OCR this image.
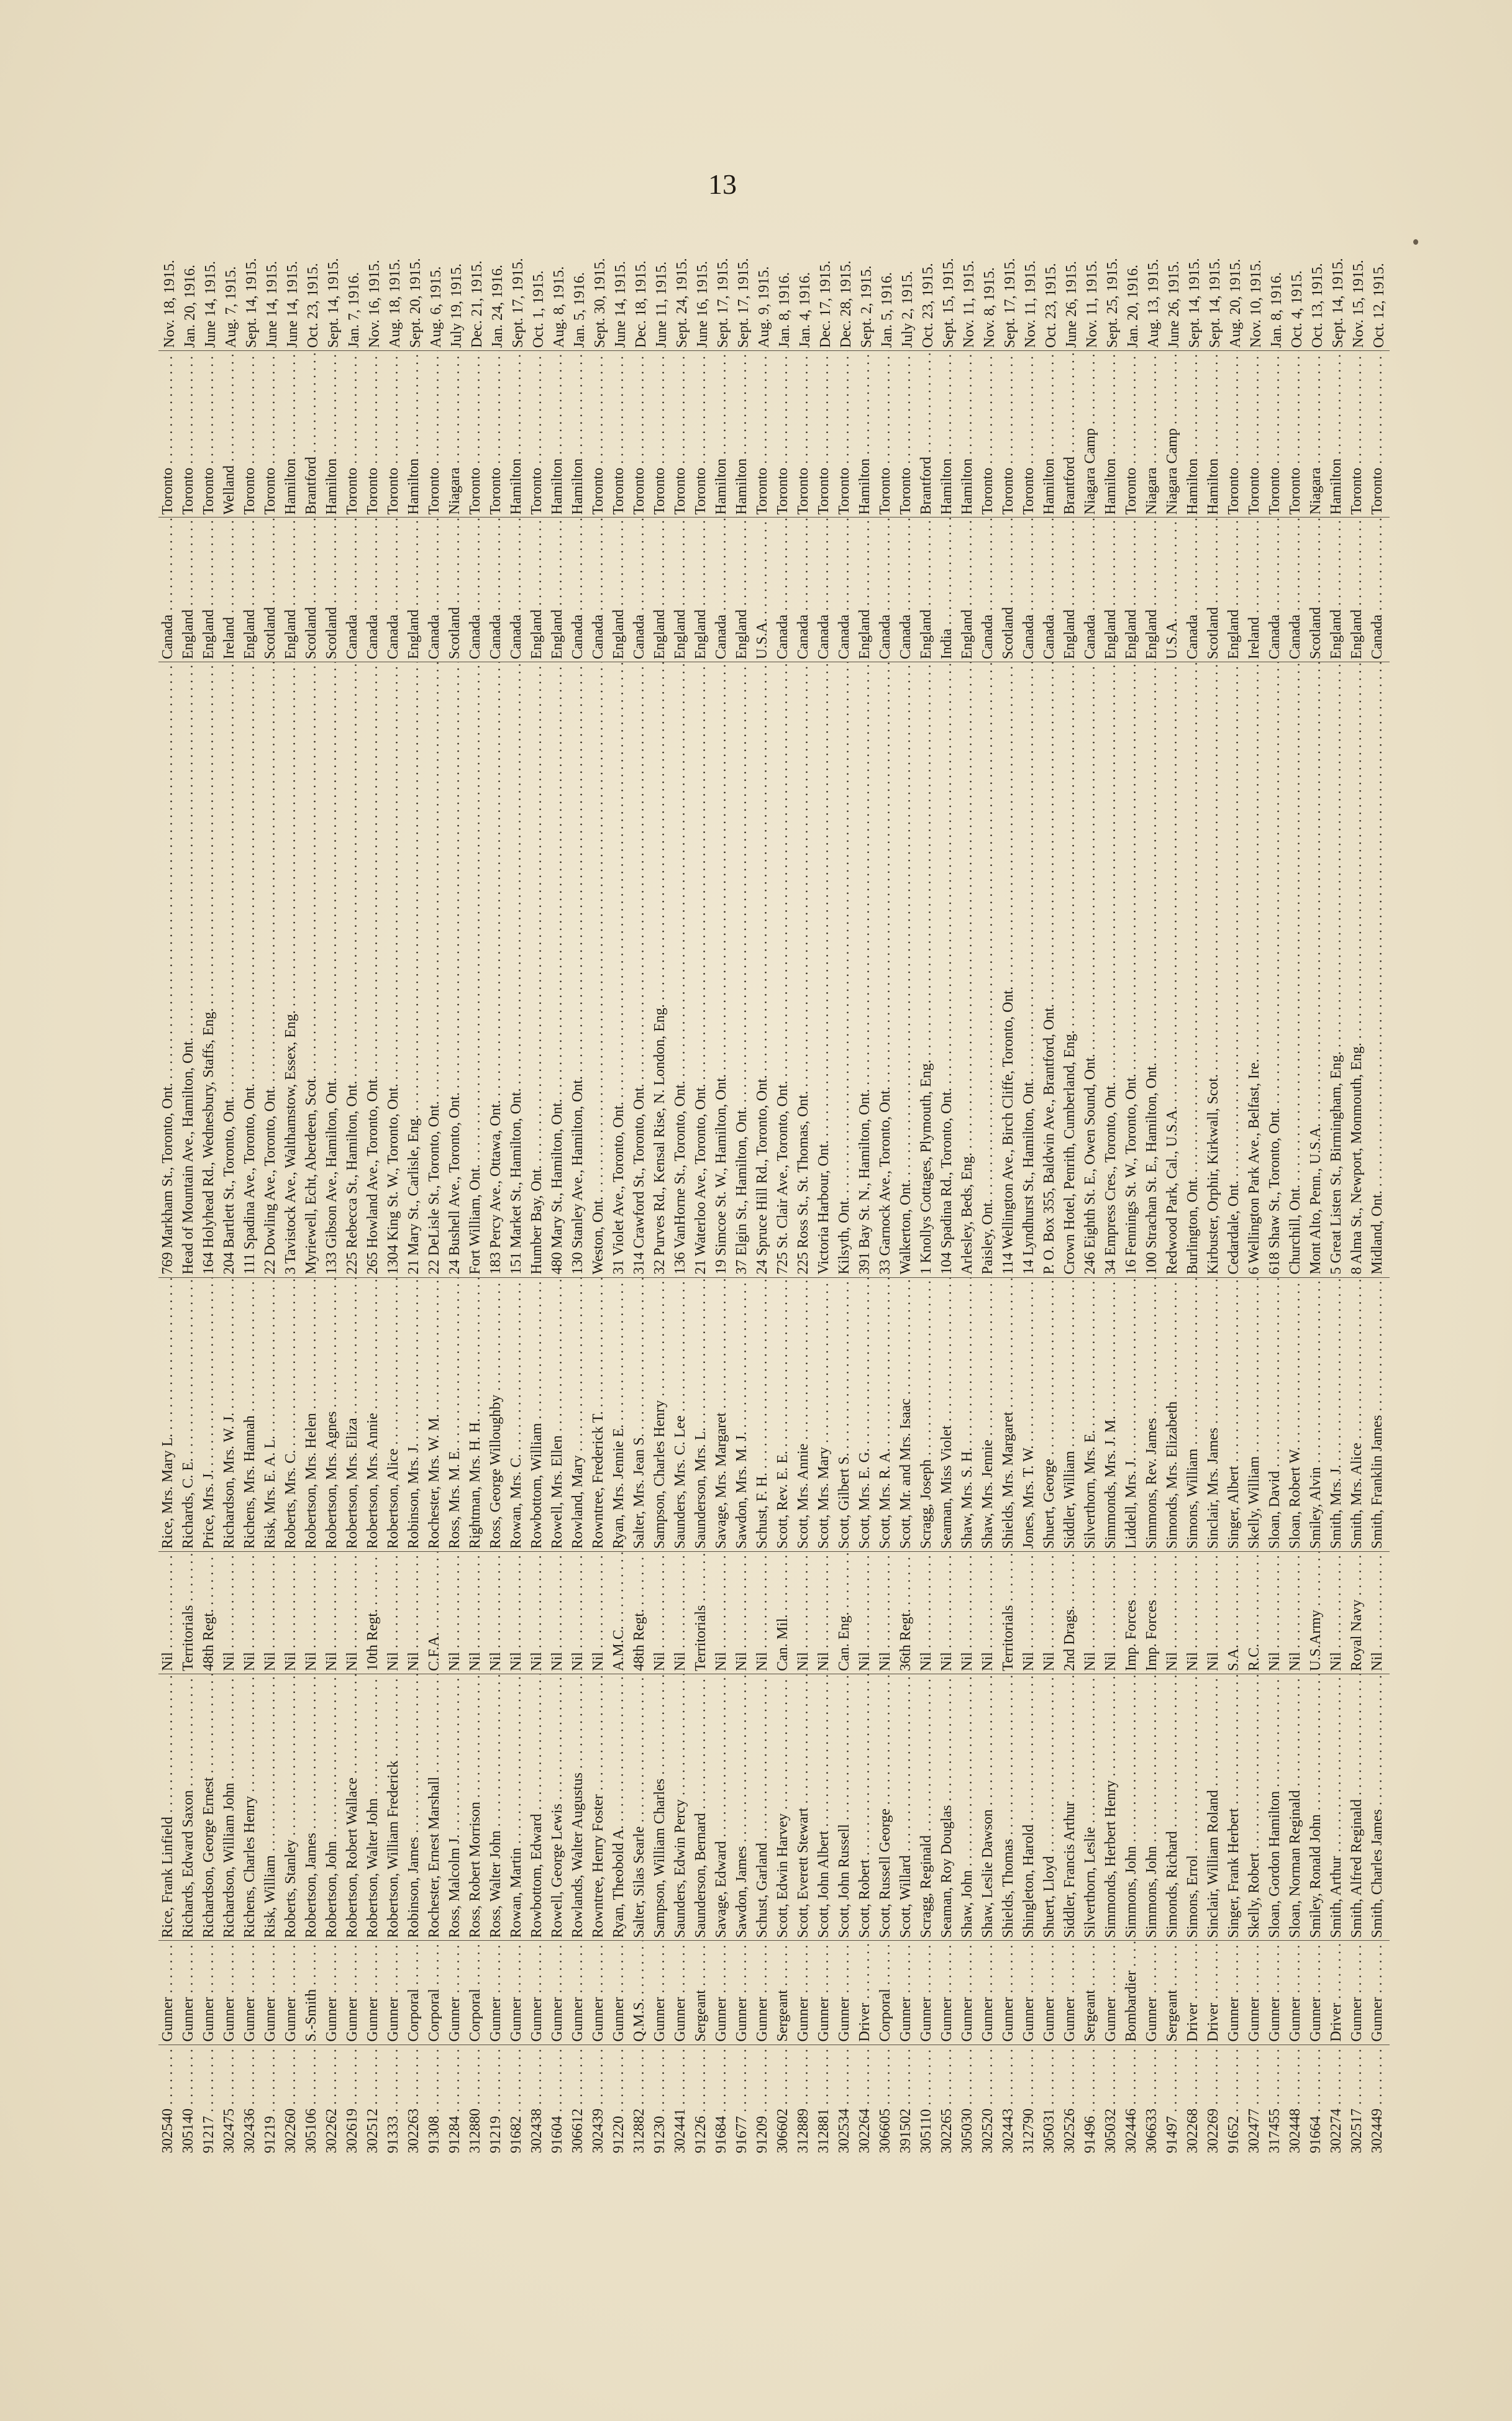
13
302540 . . .	Gunner . . .	Rice, Frank Linfield . . .	Nil . . .	Rice, Mrs. Mary L. . . .	769 Markham St., Toronto, Ont. . . .	Canada . . .	Toronto . . .	Nov. 18, 1915.
305140 . . .	Gunner . . .	Richards, Edward Saxon . . .	Territorials . . .	Richards, C. E. . . .	Head of Mountain Ave., Hamilton, Ont. . . .	England . . .	Toronto . . .	Jan. 20, 1916.
91217 . . .	Gunner . . .	Richardson, George Ernest . . .	48th Regt. . . .	Price, Mrs. J. . . .	164 Holyhead Rd., Wednesbury, Staffs, Eng. . . .	England . . .	Toronto . . .	June 14, 1915.
302475 . . .	Gunner . . .	Richardson, William John . . .	Nil . . .	Richardson, Mrs. W. J. . . .	204 Bartlett St., Toronto, Ont. . . .	Ireland . . .	Welland . . .	Aug. 7, 1915.
302436 . . .	Gunner . . .	Richens, Charles Henry . . .	Nil . . .	Richens, Mrs. Hannah . . .	111 Spadina Ave., Toronto, Ont. . . .	England . . .	Toronto . . .	Sept. 14, 1915.
91219 . . .	Gunner . . .	Risk, William . . .	Nil . . .	Risk, Mrs. E. A. L. . . .	22 Dowling Ave., Toronto, Ont. . . .	Scotland . . .	Toronto . . .	June 14, 1915.
302260 . . .	Gunner . . .	Roberts, Stanley . . .	Nil . . .	Roberts, Mrs. C. . . .	3 Tavistock Ave., Walthamstow, Essex, Eng. . . .	England . . .	Hamilton . . .	June 14, 1915.
305106 . . .	S.-Smith . . .	Robertson, James . . .	Nil . . .	Robertson, Mrs. Helen . . .	Myriewell, Echt, Aberdeen, Scot. . . .	Scotland . . .	Brantford . . .	Oct. 23, 1915.
302262 . . .	Gunner . . .	Robertson, John . . .	Nil . . .	Robertson, Mrs. Agnes . . .	133 Gibson Ave., Hamilton, Ont. . . .	Scotland . . .	Hamilton . . .	Sept. 14, 1915.
302619 . . .	Gunner . . .	Robertson, Robert Wallace . . .	Nil . . .	Robertson, Mrs. Eliza . . .	225 Rebecca St., Hamilton, Ont. . . .	Canada . . .	Toronto . . .	Jan. 7, 1916.
302512 . . .	Gunner . . .	Robertson, Walter John . . .	10th Regt. . . .	Robertson, Mrs. Annie . . .	265 Howland Ave., Toronto, Ont. . . .	Canada . . .	Toronto . . .	Nov. 16, 1915.
91333 . . .	Gunner . . .	Robertson, William Frederick . . .	Nil . . .	Robertson, Alice . . .	1304 King St. W., Toronto, Ont. . . .	Canada . . .	Toronto . . .	Aug. 18, 1915.
302263 . . .	Corporal . . .	Robinson, James . . .	Nil . . .	Robinson, Mrs. J. . . .	21 Mary St., Carlisle, Eng. . . .	England . . .	Hamilton . . .	Sept. 20, 1915.
91308 . . .	Corporal . . .	Rochester, Ernest Marshall . . .	C.F.A. . . .	Rochester, Mrs. W. M. . . .	22 DeLisle St., Toronto, Ont. . . .	Canada . . .	Toronto . . .	Aug. 6, 1915.
91284 . . .	Gunner . . .	Ross, Malcolm J. . . .	Nil . . .	Ross, Mrs. M. E. . . .	24 Bushell Ave., Toronto, Ont. . . .	Scotland . . .	Niagara . . .	July 19, 1915.
312880 . . .	Corporal . . .	Ross, Robert Morrison . . .	Nil . . .	Rightman, Mrs. H. H. . . .	Fort William, Ont. . . .	Canada . . .	Toronto . . .	Dec. 21, 1915.
91219 . . .	Gunner . . .	Ross, Walter John . . .	Nil . . .	Ross, George Willoughby . . .	183 Percy Ave., Ottawa, Ont. . . .	Canada . . .	Toronto . . .	Jan. 24, 1916.
91682 . . .	Gunner . . .	Rowan, Martin . . .	Nil . . .	Rowan, Mrs. C. . . .	151 Market St., Hamilton, Ont. . . .	Canada . . .	Hamilton . . .	Sept. 17, 1915.
302438 . . .	Gunner . . .	Rowbottom, Edward . . .	Nil . . .	Rowbottom, William . . .	Humber Bay, Ont. . . .	England . . .	Toronto . . .	Oct. 1, 1915.
91604 . . .	Gunner . . .	Rowell, George Lewis . . .	Nil . . .	Rowell, Mrs. Ellen . . .	480 Mary St., Hamilton, Ont. . . .	England . . .	Hamilton . . .	Aug. 8, 1915.
306612 . . .	Gunner . . .	Rowlands, Walter Augustus . . .	Nil . . .	Rowland, Mary . . .	130 Stanley Ave., Hamilton, Ont. . . .	Canada . . .	Hamilton . . .	Jan. 5, 1916.
302439 . . .	Gunner . . .	Rowntree, Henry Foster . . .	Nil . . .	Rowntree, Frederick T. . . .	Weston, Ont. . . .	Canada . . .	Toronto . . .	Sept. 30, 1915.
91220 . . .	Gunner . . .	Ryan, Theobold A. . . .	A.M.C. . . .	Ryan, Mrs. Jennie E. . . .	31 Violet Ave., Toronto, Ont. . . .	England . . .	Toronto . . .	June 14, 1915.
312882 . . .	Q.M.S. . . .	Salter, Silas Searle . . .	48th Regt. . . .	Salter, Mrs. Jean S. . . .	314 Crawford St., Toronto, Ont. . . .	Canada . . .	Toronto . . .	Dec. 18, 1915.
91230 . . .	Gunner . . .	Sampson, William Charles . . .	Nil . . .	Sampson, Charles Henry . . .	32 Purves Rd., Kensal Rise, N. London, Eng. . . .	England . . .	Toronto . . .	June 11, 1915.
302441 . . .	Gunner . . .	Saunders, Edwin Percy . . .	Nil . . .	Saunders, Mrs. C. Lee . . .	136 VanHorne St., Toronto, Ont. . . .	England . . .	Toronto . . .	Sept. 24, 1915.
91226 . . .	Sergeant . . .	Saunderson, Bernard . . .	Territorials . . .	Saunderson, Mrs. L. . . .	21 Waterloo Ave., Toronto, Ont. . . .	England . . .	Toronto . . .	June 16, 1915.
91684 . . .	Gunner . . .	Savage, Edward . . .	Nil . . .	Savage, Mrs. Margaret . . .	19 Simcoe St. W., Hamilton, Ont. . . .	Canada . . .	Hamilton . . .	Sept. 17, 1915.
91677 . . .	Gunner . . .	Sawdon, James . . .	Nil . . .	Sawdon, Mrs. M. J. . . .	37 Elgin St., Hamilton, Ont. . . .	England . . .	Hamilton . . .	Sept. 17, 1915.
91209 . . .	Gunner . . .	Schust, Garland . . .	Nil . . .	Schust, F. H. . . .	24 Spruce Hill Rd., Toronto, Ont. . . .	U.S.A. . . .	Toronto . . .	Aug. 9, 1915.
306602 . . .	Sergeant . . .	Scott, Edwin Harvey . . .	Can. Mil. . . .	Scott, Rev. E. E. . . .	725 St. Clair Ave., Toronto, Ont. . . .	Canada . . .	Toronto . . .	Jan. 8, 1916.
312889 . . .	Gunner . . .	Scott, Everett Stewart . . .	Nil . . .	Scott, Mrs. Annie . . .	225 Ross St., St. Thomas, Ont. . . .	Canada . . .	Toronto . . .	Jan. 4, 1916.
312881 . . .	Gunner . . .	Scott, John Albert . . .	Nil . . .	Scott, Mrs. Mary . . .	Victoria Harbour, Ont. . . .	Canada . . .	Toronto . . .	Dec. 17, 1915.
302534 . . .	Gunner . . .	Scott, John Russell . . .	Can. Eng. . . .	Scott, Gilbert S. . . .	Kilsyth, Ont. . . .	Canada . . .	Toronto . . .	Dec. 28, 1915.
302264 . . .	Driver . . .	Scott, Robert . . .	Nil . . .	Scott, Mrs. E. G. . . .	391 Bay St. N., Hamilton, Ont. . . .	England . . .	Hamilton . . .	Sept. 2, 1915.
306605 . . .	Corporal . . .	Scott, Russell George . . .	Nil . . .	Scott, Mrs. R. A. . . .	33 Garnock Ave., Toronto, Ont. . . .	Canada . . .	Toronto . . .	Jan. 5, 1916.
391502 . . .	Gunner . . .	Scott, Willard . . .	36th Regt. . . .	Scott, Mr. and Mrs. Isaac . . .	Walkerton, Ont. . . .	Canada . . .	Toronto . . .	July 2, 1915.
305110 . . .	Gunner . . .	Scragg, Reginald . . .	Nil . . .	Scragg, Joseph . . .	1 Knollys Cottages, Plymouth, Eng. . . .	England . . .	Brantford . . .	Oct. 23, 1915.
302265 . . .	Gunner . . .	Seaman, Roy Douglas . . .	Nil . . .	Seaman, Miss Violet . . .	104 Spadina Rd., Toronto, Ont. . . .	India . . .	Hamilton . . .	Sept. 15, 1915.
305030 . . .	Gunner . . .	Shaw, John . . .	Nil . . .	Shaw, Mrs. S. H. . . .	Arlesley, Beds, Eng. . . .	England . . .	Hamilton . . .	Nov. 11, 1915.
302520 . . .	Gunner . . .	Shaw, Leslie Dawson . . .	Nil . . .	Shaw, Mrs. Jennie . . .	Paisley, Ont. . . .	Canada . . .	Toronto . . .	Nov. 8, 1915.
302443 . . .	Gunner . . .	Shields, Thomas . . .	Territorials . . .	Shields, Mrs. Margaret . . .	114 Wellington Ave., Birch Cliffe, Toronto, Ont. . . .	Scotland . . .	Toronto . . .	Sept. 17, 1915.
312790 . . .	Gunner . . .	Shingleton, Harold . . .	Nil . . .	Jones, Mrs. T. W. . . .	14 Lyndhurst St., Hamilton, Ont. . . .	Canada . . .	Toronto . . .	Nov. 11, 1915.
305031 . . .	Gunner . . .	Shuert, Lloyd . . .	Nil . . .	Shuert, George . . .	P. O. Box 355, Baldwin Ave., Brantford, Ont. . . .	Canada . . .	Hamilton . . .	Oct. 23, 1915.
302526 . . .	Gunner . . .	Siddler, Francis Arthur . . .	2nd Drags. . . .	Siddler, William . . .	Crown Hotel, Penrith, Cumberland, Eng. . . .	England . . .	Brantford . . .	June 26, 1915.
91496 . . .	Sergeant . . .	Silverthorn, Leslie . . .	Nil . . .	Silverthorn, Mrs. E. . . .	246 Eighth St. E., Owen Sound, Ont. . . .	Canada . . .	Niagara Camp . . .	Nov. 11, 1915.
305032 . . .	Gunner . . .	Simmonds, Herbert Henry . . .	Nil . . .	Simmonds, Mrs. J. M. . . .	34 Empress Cres., Toronto, Ont. . . .	England . . .	Hamilton . . .	Sept. 25, 1915.
302446 . . .	Bombardier . . .	Simmons, John . . .	Imp. Forces . . .	Liddell, Mrs. J. . . .	16 Fennings St. W., Toronto, Ont. . . .	England . . .	Toronto . . .	Jan. 20, 1916.
306633 . . .	Gunner . . .	Simmons, John . . .	Imp. Forces . . .	Simmons, Rev. James . . .	100 Strachan St. E., Hamilton, Ont. . . .	England . . .	Niagara . . .	Aug. 13, 1915.
91497 . . .	Sergeant . . .	Simonds, Richard . . .	Nil . . .	Simonds, Mrs. Elizabeth . . .	Redwood Park, Cal., U.S.A. . . .	U.S.A. . . .	Niagara Camp . . .	June 26, 1915.
302268 . . .	Driver . . .	Simons, Errol . . .	Nil . . .	Simons, William . . .	Burlington, Ont. . . .	Canada . . .	Hamilton . . .	Sept. 14, 1915.
302269 . . .	Driver . . .	Sinclair, William Roland . . .	Nil . . .	Sinclair, Mrs. James . . .	Kirbuster, Orphir, Kirkwall, Scot. . . .	Scotland . . .	Hamilton . . .	Sept. 14, 1915.
91652 . . .	Gunner . . .	Singer, Frank Herbert . . .	S.A. . . .	Singer, Albert . . .	Cedardale, Ont. . . .	England . . .	Toronto . . .	Aug. 20, 1915.
302477 . . .	Gunner . . .	Skelly, Robert . . .	R.C. . . .	Skelly, William . . .	6 Wellington Park Ave., Belfast, Ire. . . .	Ireland . . .	Toronto . . .	Nov. 10, 1915.
317455 . . .	Gunner . . .	Sloan, Gordon Hamilton . . .	Nil . . .	Sloan, David . . .	618 Shaw St., Toronto, Ont. . . .	Canada . . .	Toronto . . .	Jan. 8, 1916.
302448 . . .	Gunner . . .	Sloan, Norman Reginald . . .	Nil . . .	Sloan, Robert W. . . .	Churchill, Ont. . . .	Canada . . .	Toronto . . .	Oct. 4, 1915.
91664 . . .	Gunner . . .	Smiley, Ronald John . . .	U.S.Army . . .	Smiley, Alvin . . .	Mont Alto, Penn., U.S.A. . . .	Scotland . . .	Niagara . . .	Oct. 13, 1915.
302274 . . .	Driver . . .	Smith, Arthur . . .	Nil . . .	Smith, Mrs. J. . . .	5 Great Listen St., Birmingham, Eng. . . .	England . . .	Hamilton . . .	Sept. 14, 1915.
302517 . . .	Gunner . . .	Smith, Alfred Reginald . . .	Royal Navy . . .	Smith, Mrs. Alice . . .	8 Alma St., Newport, Monmouth, Eng. . . .	England . . .	Toronto . . .	Nov. 15, 1915.
302449 . . .	Gunner . . .	Smith, Charles James . . .	Nil . . .	Smith, Franklin James . . .	Midland, Ont. . . .	Canada . . .	Toronto . . .	Oct. 12, 1915.
